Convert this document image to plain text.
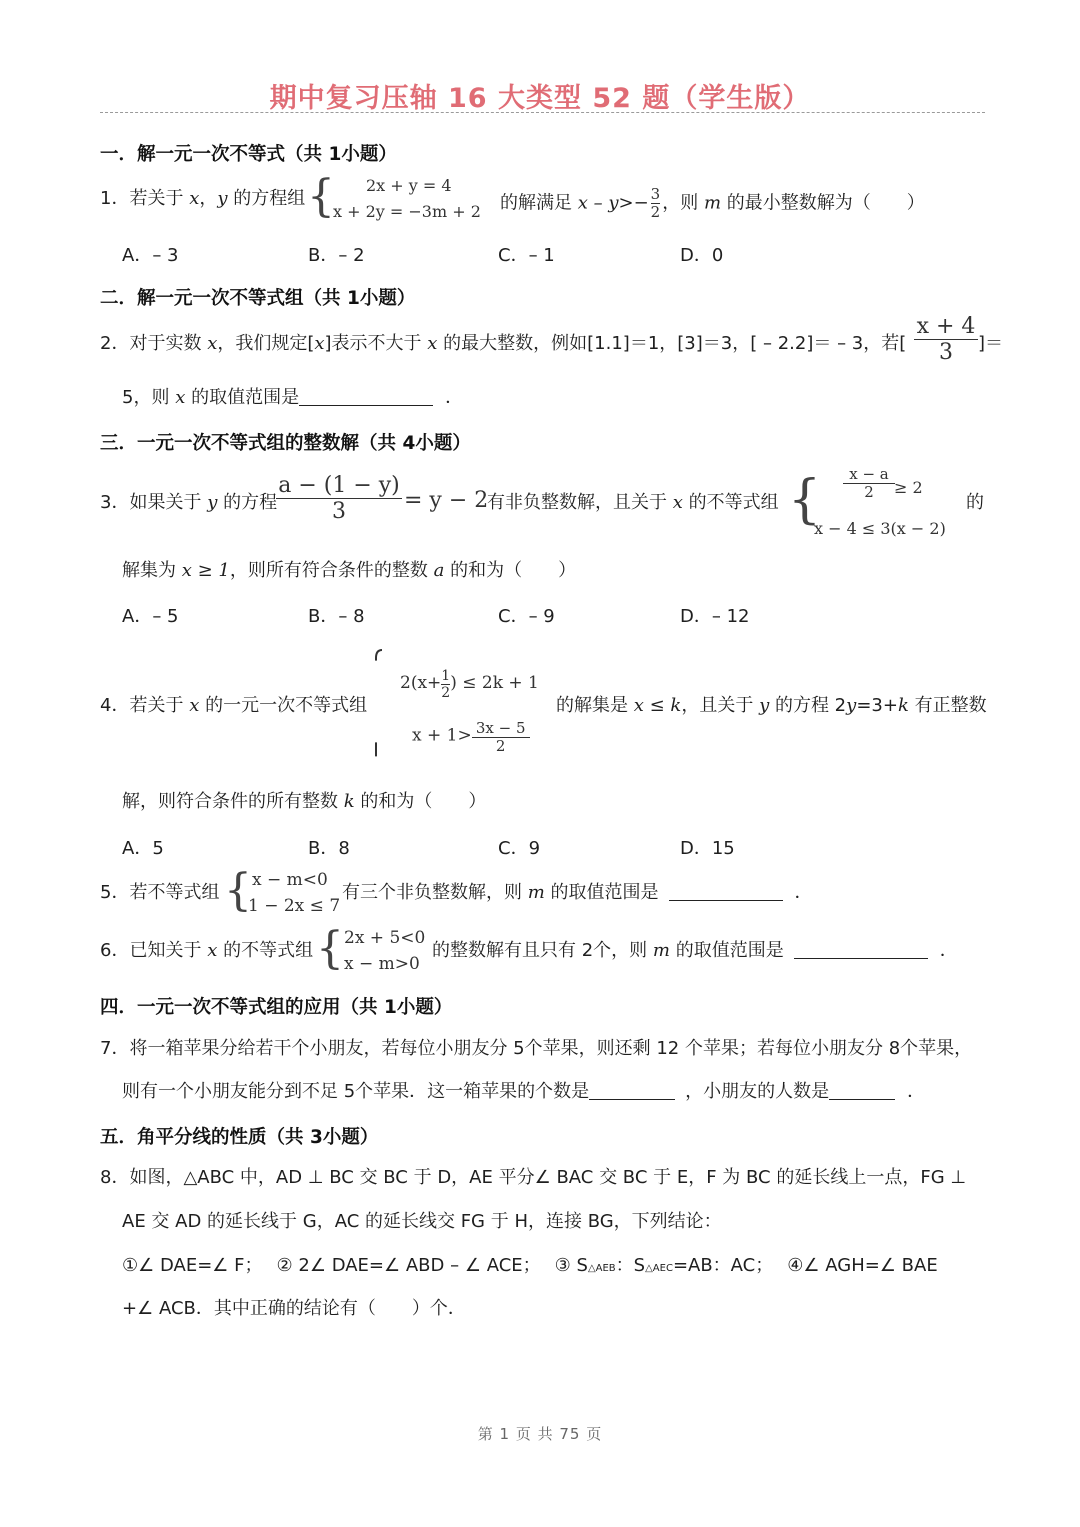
期中复习压轴 16 大类型 52 题（学生版）
一．解一元一次不等式（共 1小题）
1．若关于 x，y 的方程组 { 2x + y = 4
x + 2y = −3m + 2 的解满足 $x - y>- \frac{3}{2}$ ，则 m 的最小整数解为（　　）
A．– 3	B．– 2	C．– 1	D．0
二．解一元一次不等式组（共 1小题）
2．对于实数 x，我们规定[x]表示不大于 x 的最大整数，例如[1.1]＝1，[3]＝3，[ – 2.2]＝ – 3，若[
x + 4
3	]＝
5，则 x 的取值范围是	．
三．一元一次不等式组的整数解（共 4小题）
3．如果关于 y 的方程
a − (1 − y)
3	= y − 2
有非负整数解，且关于 x 的不等式组 {	x − a
2	≥ 2
x − 4 ≤ 3(x − 2)
的
解集为 x ≥ 1，则所有符合条件的整数 a 的和为（　　）
A．– 5	B．– 8	C．– 9	D．– 12
4．若关于 x 的一元一次不等式组
$2(x+ \frac{1}{2}$ ) ≤ 2k + 1
$x + 1> \frac{3x - 5}{2}$
的解集是 x ≤ k，且关于 y 的方程 2y=3+k 有正整数
解，则符合条件的所有整数 k 的和为（　　）
A．5	B．8	C．9	D．15
5．若不等式组 { x − m<0
1 − 2x ≤ 7
有三个非负整数解，则 m 的取值范围是	．
6．已知关于 x 的不等式组 { 2x + 5<0
x − m>0
的整数解有且只有 2个，则 m 的取值范围是	．
四．一元一次不等式组的应用（共 1小题）
7．将一箱苹果分给若干个小朋友，若每位小朋友分 5个苹果，则还剩 12 个苹果；若每位小朋友分 8个苹果，
则有一个小朋友能分到不足 5个苹果．这一箱苹果的个数是	，小朋友的人数是	．
五．角平分线的性质（共 3小题）
8．如图，△ABC 中，AD ⊥ BC 交 BC 于 D，AE 平分∠ BAC 交 BC 于 E，F 为 BC 的延长线上一点，FG ⊥
AE 交 AD 的延长线于 G，AC 的延长线交 FG 于 H，连接 BG，下列结论：
①∠ DAE=∠ F； ② 2∠ DAE=∠ ABD – ∠ ACE； ③ S△AEB：S△AEC=AB：AC； ④∠ AGH=∠ BAE
+∠ ACB．其中正确的结论有（　　）个．
第 1 页 共 75 页
